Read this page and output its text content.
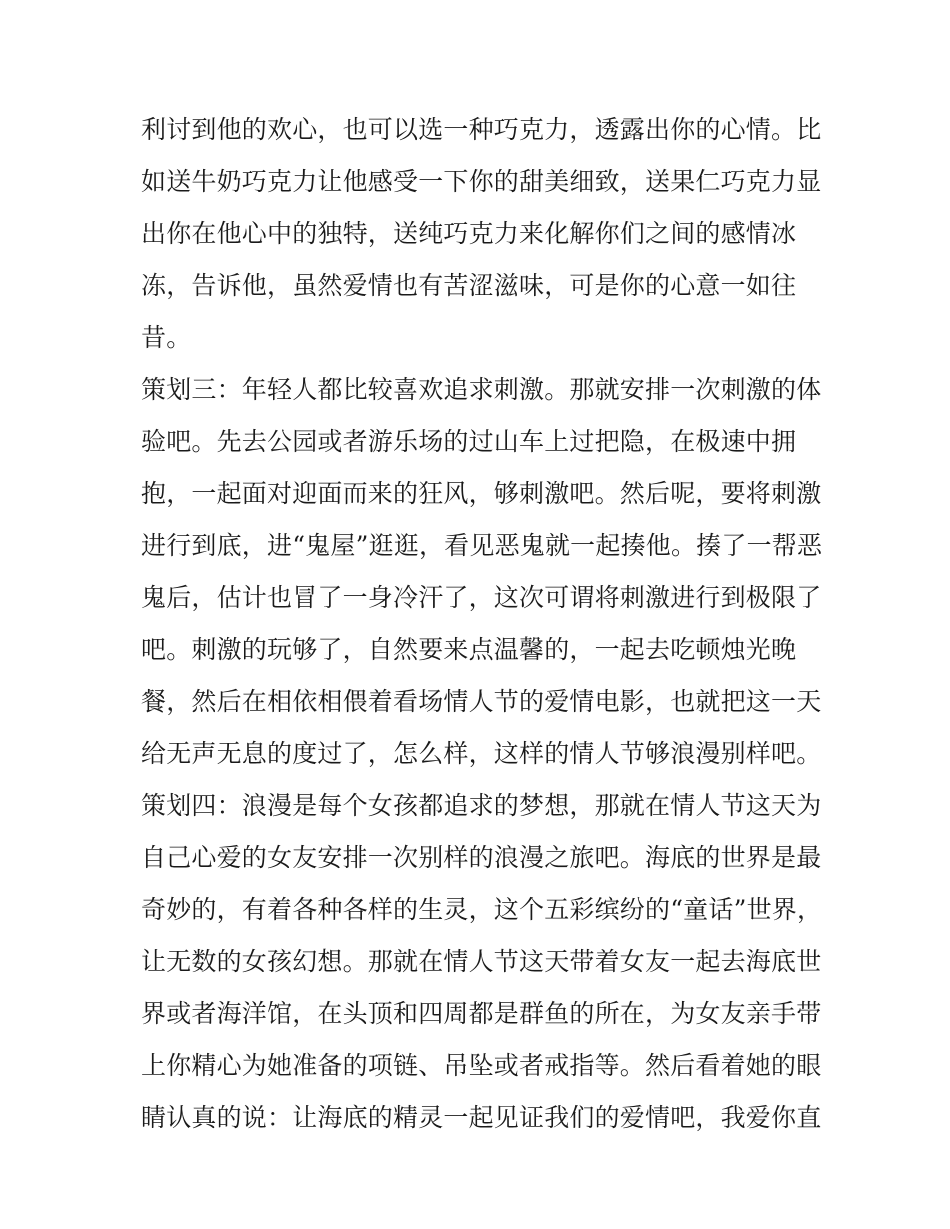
利讨到他的欢心，也可以选一种巧克力，透露出你的心情。比
如送牛奶巧克力让他感受一下你的甜美细致，送果仁巧克力显
出你在他心中的独特，送纯巧克力来化解你们之间的感情冰
冻，告诉他，虽然爱情也有苦涩滋味，可是你的心意一如往
昔。
策划三：年轻人都比较喜欢追求刺激。那就安排一次刺激的体
验吧。先去公园或者游乐场的过山车上过把隐，在极速中拥
抱，一起面对迎面而来的狂风，够刺激吧。然后呢，要将刺激
进行到底，进“鬼屋”逛逛，看见恶鬼就一起揍他。揍了一帮恶
鬼后，估计也冒了一身冷汗了，这次可谓将刺激进行到极限了
吧。刺激的玩够了，自然要来点温馨的，一起去吃顿烛光晚
餐，然后在相依相偎着看场情人节的爱情电影，也就把这一天
给无声无息的度过了，怎么样，这样的情人节够浪漫别样吧。
策划四：浪漫是每个女孩都追求的梦想，那就在情人节这天为
自己心爱的女友安排一次别样的浪漫之旅吧。海底的世界是最
奇妙的，有着各种各样的生灵，这个五彩缤纷的“童话”世界，
让无数的女孩幻想。那就在情人节这天带着女友一起去海底世
界或者海洋馆，在头顶和四周都是群鱼的所在，为女友亲手带
上你精心为她准备的项链、吊坠或者戒指等。然后看着她的眼
睛认真的说：让海底的精灵一起见证我们的爱情吧，我爱你直
